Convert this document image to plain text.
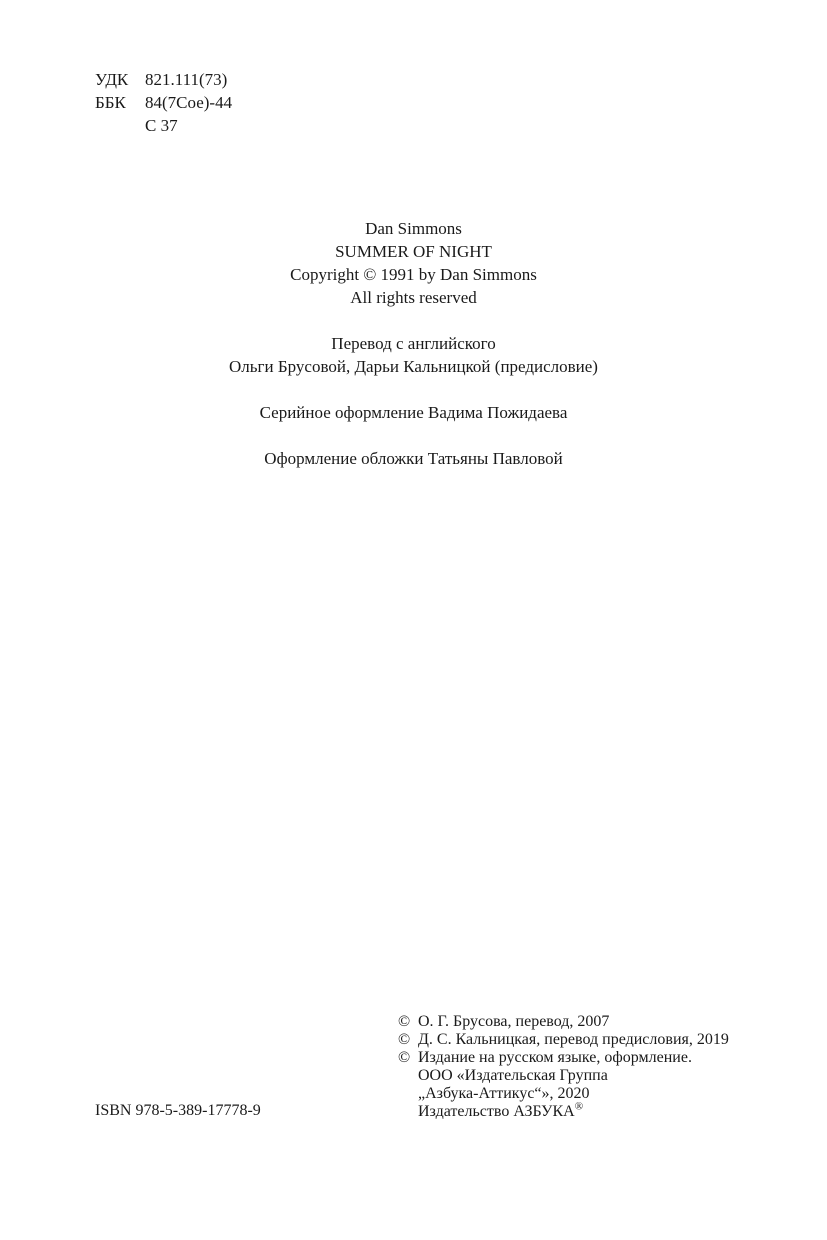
УДК 821.111(73)
ББК	84(7Сое)-44
С 37
Dan Simmons
SUMMER OF NIGHT
Copyright © 1991 by Dan Simmons
All rights reserved
Перевод с английского
Ольги Брусовой, Дарьи Кальницкой (предисловие)
Серийное оформление Вадима Пожидаева
Оформление обложки Татьяны Павловой
© О. Г. Брусова, перевод, 2007
© Д. С. Кальницкая, перевод предисловия, 2019
© Издание на русском языке, оформление.
ООО «Издательская Группа
„Азбука-Аттикус“», 2020
Издательство АЗБУКА®
ISBN 978-5-389-17778-9
